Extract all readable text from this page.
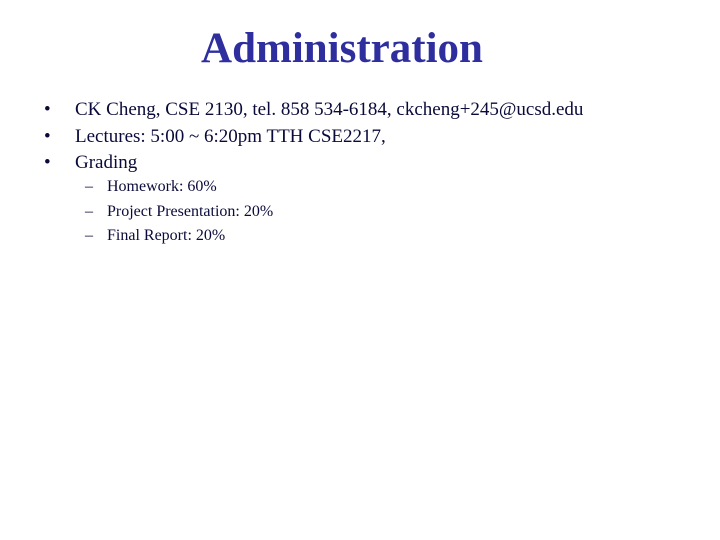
Administration
• CK Cheng, CSE 2130, tel. 858 534-6184, ckcheng+245@ucsd.edu
• Lectures: 5:00 ~ 6:20pm TTH CSE2217,
• Grading
– Homework: 60%
– Project Presentation: 20%
– Final Report: 20%
